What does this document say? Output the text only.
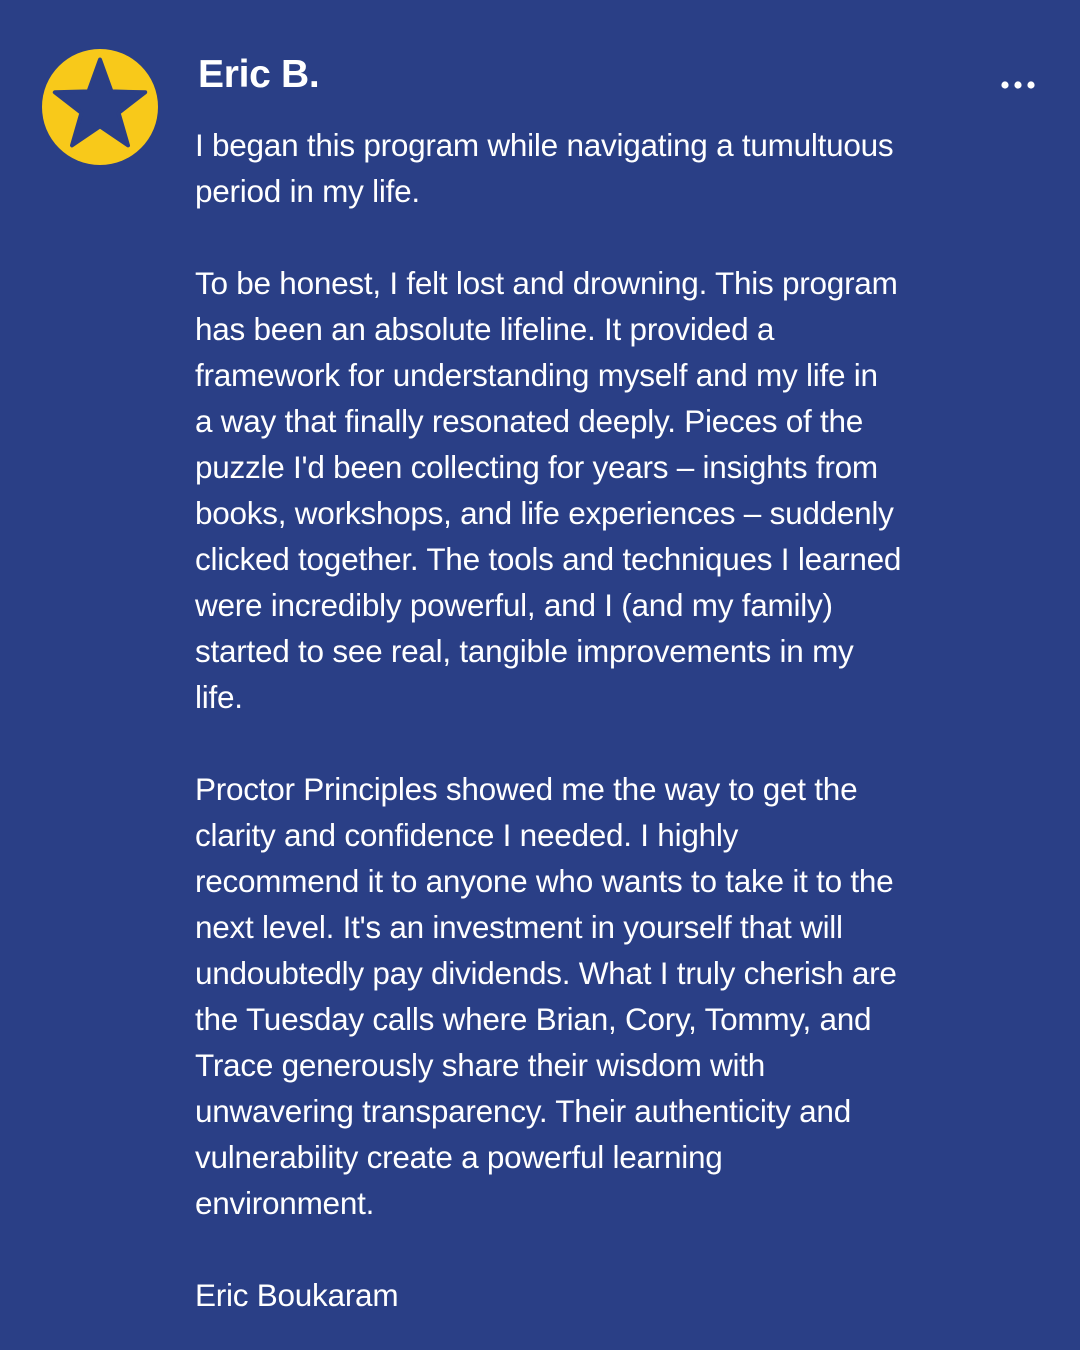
Eric B.

I began this program while navigating a tumultuous
period in my life.

To be honest, I felt lost and drowning. This program
has been an absolute lifeline. It provided a
framework for understanding myself and my life in
a way that finally resonated deeply. Pieces of the
puzzle I'd been collecting for years – insights from
books, workshops, and life experiences – suddenly
clicked together. The tools and techniques I learned
were incredibly powerful, and I (and my family)
started to see real, tangible improvements in my
life.

Proctor Principles showed me the way to get the
clarity and confidence I needed. I highly
recommend it to anyone who wants to take it to the
next level. It's an investment in yourself that will
undoubtedly pay dividends. What I truly cherish are
the Tuesday calls where Brian, Cory, Tommy, and
Trace generously share their wisdom with
unwavering transparency. Their authenticity and
vulnerability create a powerful learning
environment.

Eric Boukaram
